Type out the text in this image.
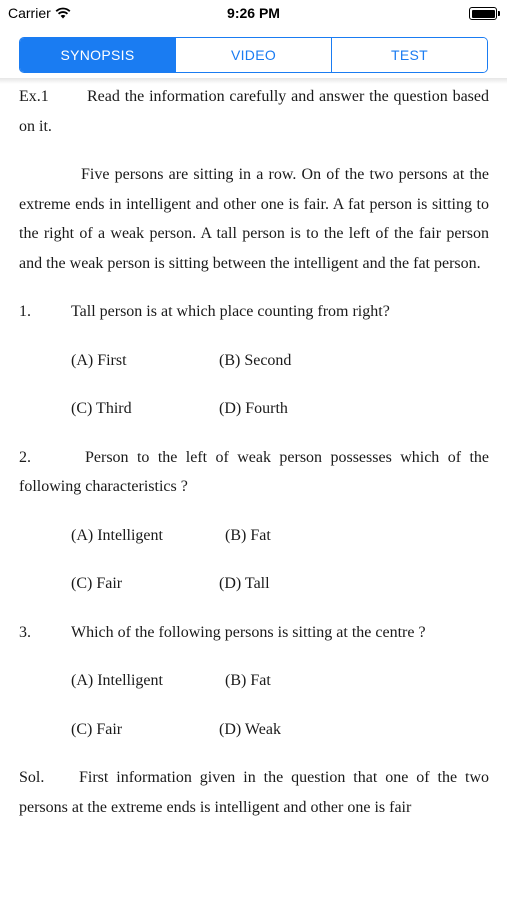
Carrier	9:26 PM
SYNOPSIS	VIDEO	TEST

Ex.1 Read the information carefully and answer the question based on it.

Five persons are sitting in a row. On of the two persons at the extreme ends in intelligent and other one is fair. A fat person is sitting to the right of a weak person. A tall person is to the left of the fair person and the weak person is sitting between the intelligent and the fat person.

1.	Tall person is at which place counting from right?
(A) First	(B) Second
(C) Third	(D) Fourth

2.	Person to the left of weak person possesses which of the following characteristics ?

(A) Intelligent	(B) Fat
(C) Fair	(D) Tall
3.	Which of the following persons is sitting at the centre ?
(A) Intelligent	(B) Fat
(C) Fair	(D) Weak

Sol. First information given in the question that one of the two persons at the extreme ends is intelligent and other one is fair
